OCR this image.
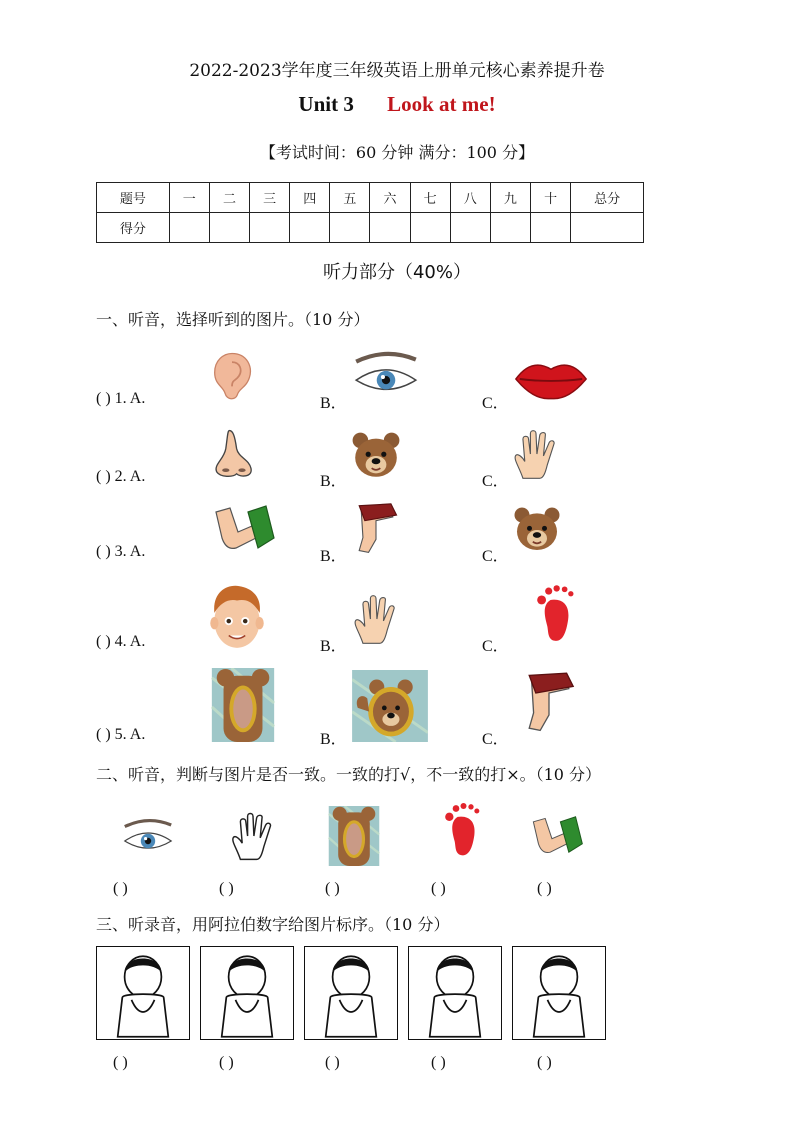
2022-2023学年度三年级英语上册单元核心素养提升卷
Unit 3 Look at me!
【考试时间：60 分钟 满分：100 分】
题号	一	二	三	四	五	六	七	八	九	十	总分
得分											
听力部分（40%）
一、听音，选择听到的图片。（10 分）
( ) 1. A.	B．	C．
( ) 2. A.	B．	C．
( ) 3. A.	B．	C．
( ) 4. A.	B．	C．
( ) 5. A.	B．	C．
二、听音，判断与图片是否一致。一致的打√，不一致的打×。（10 分）
( )	( )	( )	( )	( )
三、听录音，用阿拉伯数字给图片标序。（10 分）
( )	( )	( )	( )	( )
